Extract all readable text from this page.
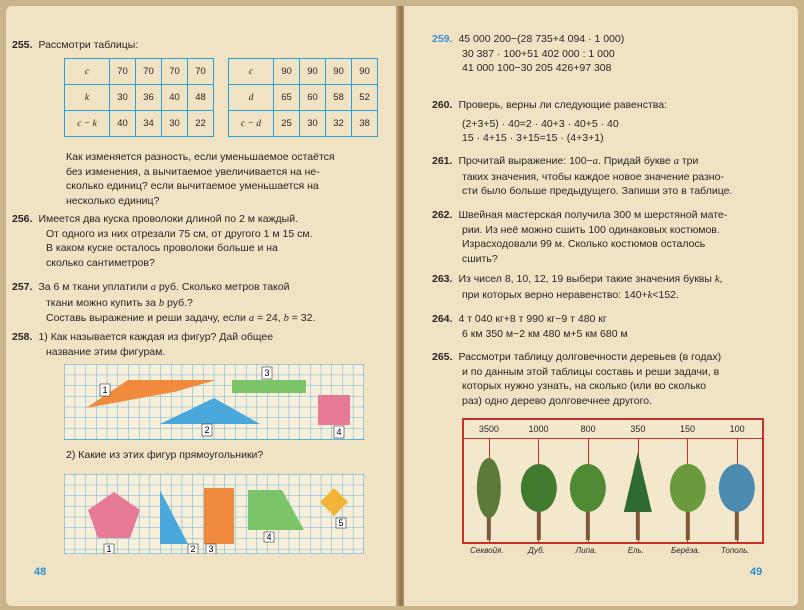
255. Рассмотри таблицы:
c	70	70	70	70
k	30	36	40	48
c − k	40	34	30	22
c	90	90	90	90
d	65	60	58	52
c − d	25	30	32	38
Как изменяется разность, если уменьшаемое остаётся
без изменения, а вычитаемое увеличивается на не-
сколько единиц? если вычитаемое уменьшается на
несколько единиц?
256. Имеется два куска проволоки длиной по 2 м каждый.
От одного из них отрезали 75 см, от другого 1 м 15 см.
В каком куске осталось проволоки больше и на
сколько сантиметров?
257. За 6 м ткани уплатили a руб. Сколько метров такой
ткани можно купить за b руб.?
Составь выражение и реши задачу, если a = 24, b = 32.
258. 1) Как называется каждая из фигур? Дай общее
название этим фигурам.
1
2
3
4
2) Какие из этих фигур прямоугольники?
1	2 3
4
5
48
259. 45 000 200−(28 735+4 094 · 1 000)
30 387 · 100+51 402 000 : 1 000
41 000 100−30 205 426+97 308
260. Проверь, верны ли следующие равенства:
(2+3+5) · 40=2 · 40+3 · 40+5 · 40
15 · 4+15 · 3+15=15 · (4+3+1)
261. Прочитай выражение: 100−a. Придай букве a три
таких значения, чтобы каждое новое значение разно-
сти было больше предыдущего. Запиши это в таблице.
262. Швейная мастерская получила 300 м шерстяной мате-
рии. Из неё можно сшить 100 одинаковых костюмов.
Израсходовали 99 м. Сколько костюмов осталось
сшить?
263. Из чисел 8, 10, 12, 19 выбери такие значения буквы k,
при которых верно неравенство: 140+k<152.
264. 4 т 040 кг+8 т 990 кг−9 т 480 кг
6 км 350 м−2 км 480 м+5 км 680 м
265. Рассмотри таблицу долговечности деревьев (в годах)
и по данным этой таблицы составь и реши задачи, в
которых нужно узнать, на сколько (или во сколько
раз) одно дерево долговечнее другого.
3500	1000	800	350	150	100
Секвойя.	Дуб.	Липа.	Ель.	Берёза.	Тополь.
49
